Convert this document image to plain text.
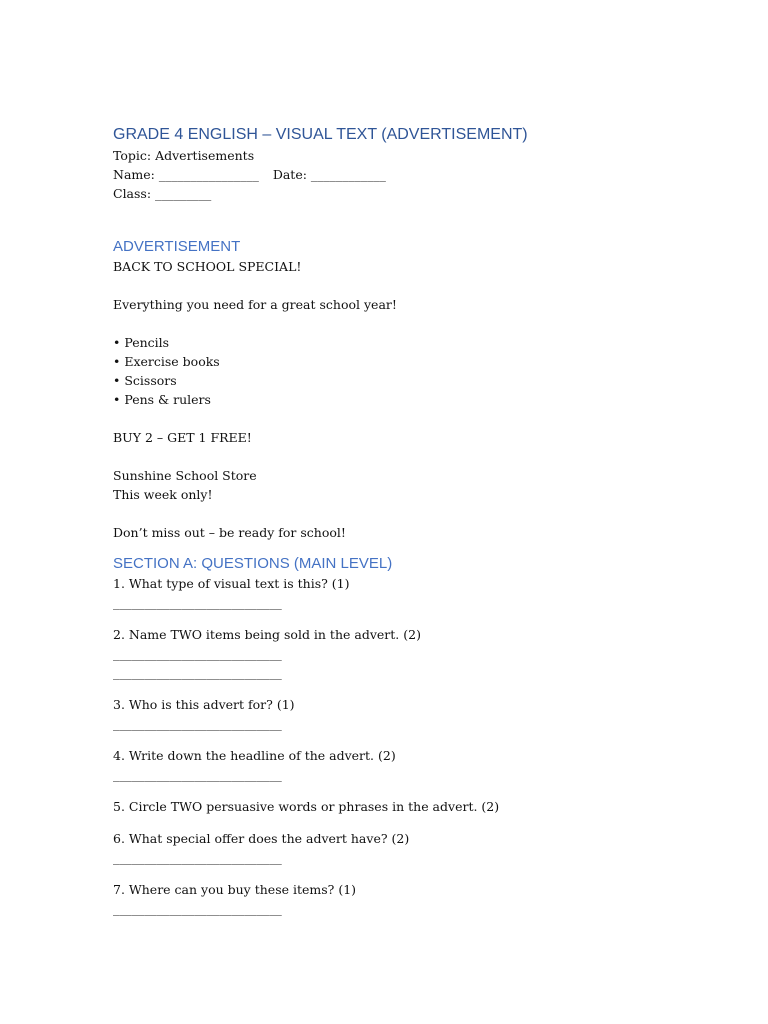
GRADE 4 ENGLISH – VISUAL TEXT (ADVERTISEMENT)

Topic: Advertisements

Name: ________________ Date: ____________

Class: _________

ADVERTISEMENT

BACK TO SCHOOL SPECIAL!

Everything you need for a great school year!

• Pencils

• Exercise books

• Scissors

• Pens & rulers

BUY 2 – GET 1 FREE!

Sunshine School Store

This week only!

Don’t miss out – be ready for school!

SECTION A: QUESTIONS (MAIN LEVEL)

1. What type of visual text is this? (1)

___________________________

2. Name TWO items being sold in the advert. (2)

___________________________

___________________________

3. Who is this advert for? (1)

___________________________

4. Write down the headline of the advert. (2)

___________________________

5. Circle TWO persuasive words or phrases in the advert. (2)

6. What special offer does the advert have? (2)

___________________________

7. Where can you buy these items? (1)

___________________________
